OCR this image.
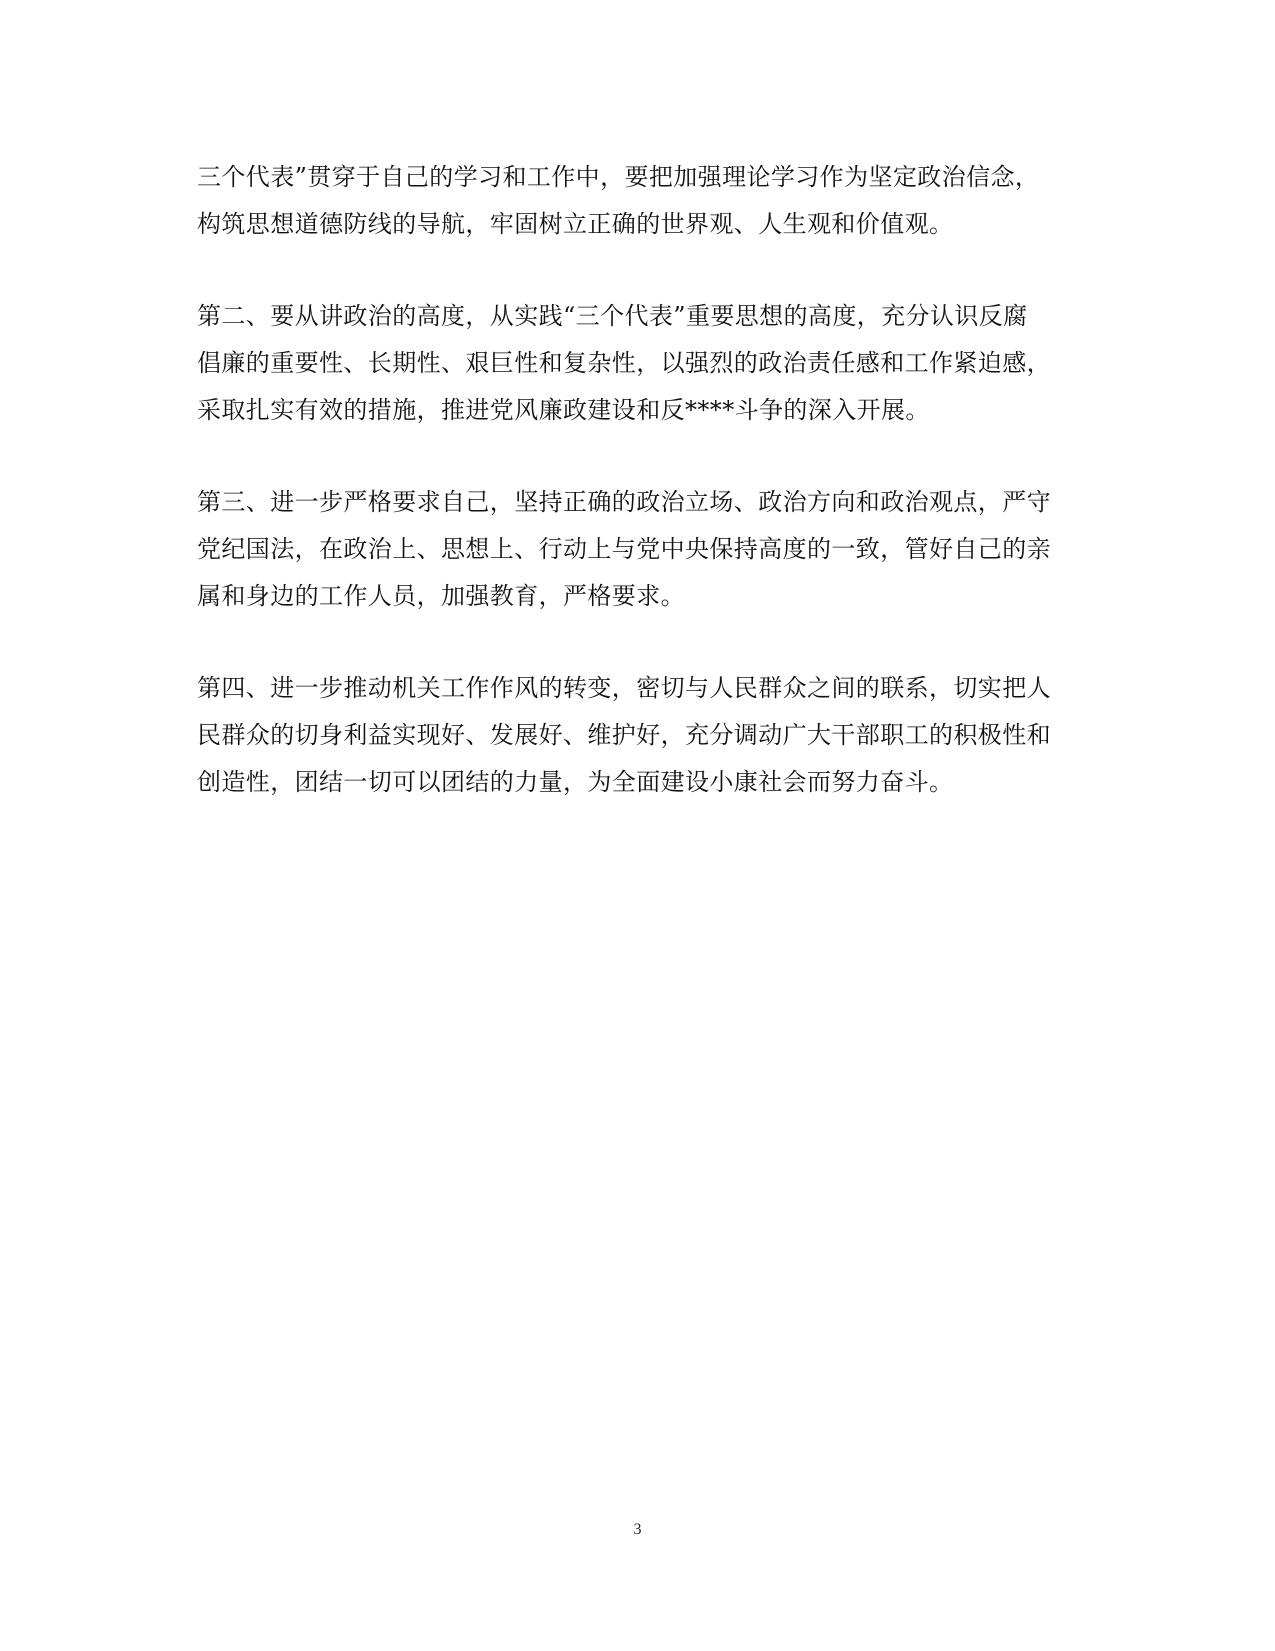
三个代表”贯穿于自己的学习和工作中，要把加强理论学习作为坚定政治信念，
构筑思想道德防线的导航，牢固树立正确的世界观、人生观和价值观。

第二、要从讲政治的高度，从实践“三个代表”重要思想的高度，充分认识反腐
倡廉的重要性、长期性、艰巨性和复杂性，以强烈的政治责任感和工作紧迫感，
采取扎实有效的措施，推进党风廉政建设和反****斗争的深入开展。

第三、进一步严格要求自己，坚持正确的政治立场、政治方向和政治观点，严守
党纪国法，在政治上、思想上、行动上与党中央保持高度的一致，管好自己的亲
属和身边的工作人员，加强教育，严格要求。

第四、进一步推动机关工作作风的转变，密切与人民群众之间的联系，切实把人
民群众的切身利益实现好、发展好、维护好，充分调动广大干部职工的积极性和
创造性，团结一切可以团结的力量，为全面建设小康社会而努力奋斗。

3
